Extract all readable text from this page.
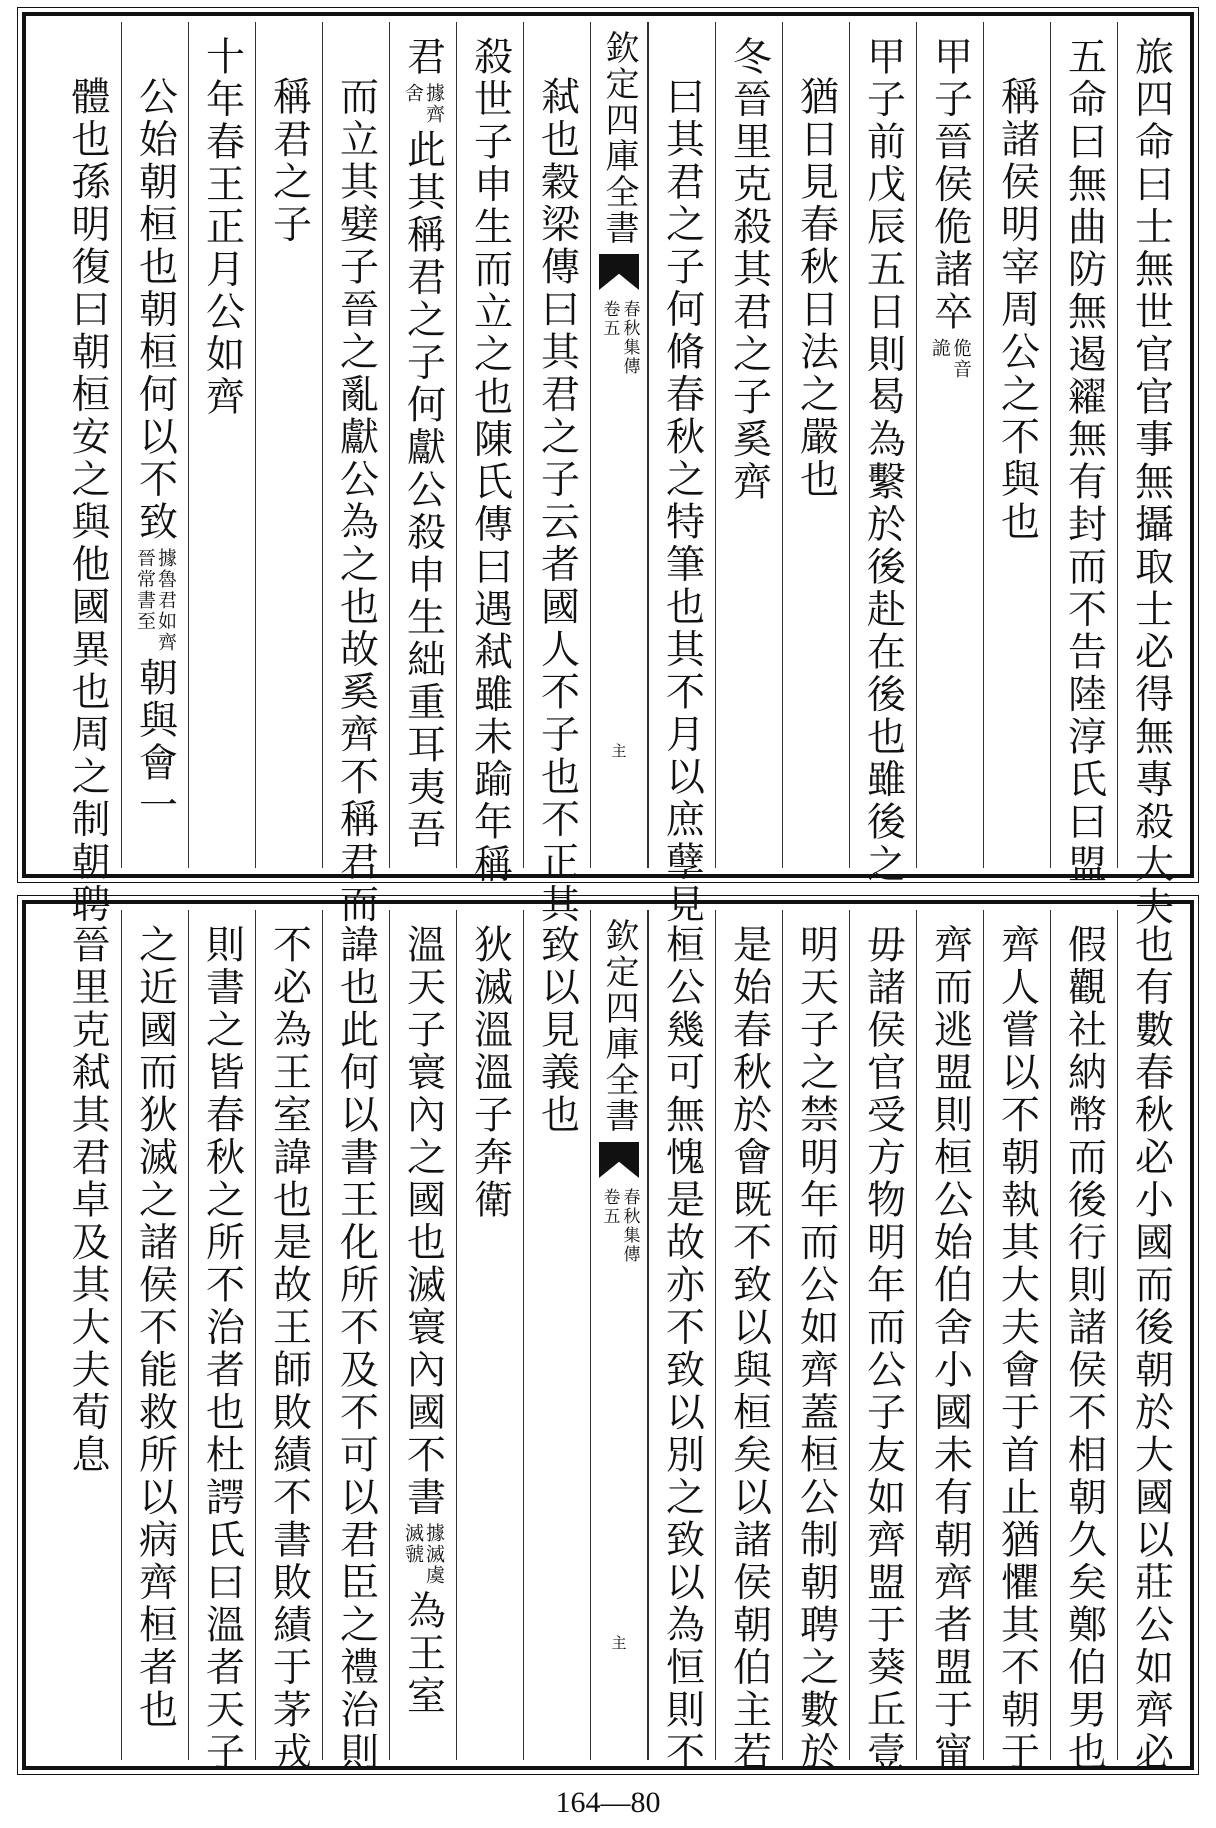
旅四命曰士無世官官事無攝取士必得無專殺大夫
五命曰無曲防無遏糴無有封而不告陸淳氏曰盟
稱諸侯明宰周公之不與也
甲子晉侯佹諸卒
佹音
詭
甲子前戊辰五日則曷為繫於後赴在後也雖後之
猶日見春秋日法之嚴也
冬晉里克殺其君之子奚齊
曰其君之子何脩春秋之特筆也其不月以庶孽見
欽定四庫全書
春秋集傳
卷五
主
弒也穀梁傳曰其君之子云者國人不子也不正其
殺世子申生而立之也陳氏傳曰遇弒雖未踰年稱
君
據齊
舍
此其稱君之子何獻公殺申生絀重耳夷吾
而立其嬖子晉之亂獻公為之也故奚齊不稱君而
稱君之子
十年春王正月公如齊
公始朝桓也朝桓何以不致
據魯君如齊
晉常書至
朝與會一
體也孫明復曰朝桓安之與他國異也周之制朝聘
也有數春秋必小國而後朝於大國以莊公如齊必
假觀社納幣而後行則諸侯不相朝久矣鄭伯男也
齊人嘗以不朝執其大夫會于首止猶懼其不朝于
齊而逃盟則桓公始伯舍小國未有朝齊者盟于甯
毋諸侯官受方物明年而公子友如齊盟于葵丘壹
明天子之禁明年而公如齊蓋桓公制朝聘之數於
是始春秋於會既不致以與桓矣以諸侯朝伯主若
桓公幾可無愧是故亦不致以別之致以為恒則不
欽定四庫全書
春秋集傳
卷五
主
致以見義也
狄滅溫溫子奔衛
溫天子寰內之國也滅寰內國不書
據滅虞
滅虢
為王室
諱也此何以書王化所不及不可以君臣之禮治則
不必為王室諱也是故王師敗績不書敗績于茅戎
則書之皆春秋之所不治者也杜諤氏曰溫者天子
之近國而狄滅之諸侯不能救所以病齊桓者也
晉里克弒其君卓及其大夫荀息
164—80
